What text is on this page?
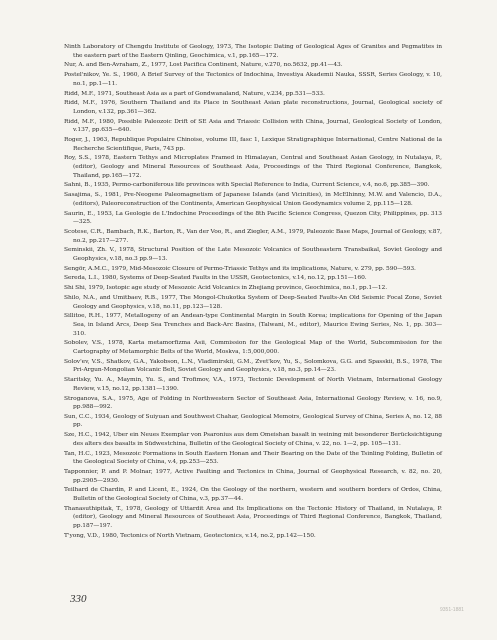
Ninth Laboratory of Chengdu Institute of Geology, 1973, The Isotopic Dating of Geological Ages of Granites and Pegmatites in the eastern part of the Eastern Qinling, Geochimica, v.1, pp.165—172.

Nur, A. and Ben-Avraham, Z., 1977, Lost Pacifica Continent, Nature, v.270, no.5632, pp.41—43.

Postel'nikov, Ye. S., 1960, A Brief Survey of the Tectonics of Indochina, Investiya Akademii Nauka, SSSR, Series Geology, v. 10, no.1, pp.1—11.

Ridd, M.F., 1971, Southeast Asia as a part of Gondwanaland, Nature, v.234, pp.531—533.

Ridd, M.F., 1976, Southern Thailand and its Place in Southeast Asian plate reconstructions, Journal, Geological society of London, v.132, pp.361—362.

Ridd, M.F., 1980, Possible Paleozoic Drift of SE Asia and Triassic Collision with China, Journal, Geological Society of London, v.137, pp.635—640.

Roger, J., 1963, Republique Populaire Chinoise, volume III, fasc 1, Lexique Stratigraphique International, Centre National de la Recherche Scientifique, Paris, 743 pp.

Roy, S.S., 1978, Eastern Tethys and Microplates Framed in Himalayan, Central and Southeast Asian Geology, in Nutalaya, P., (editor), Geology and Mineral Resources of Southeast Asia, Proceedings of the Third Regional Conference, Bangkok, Thailand, pp.165—172.

Sahni, B., 1935, Permo-carboniferous life provinces with Special Reference to India, Current Science, v.4, no.6, pp.385—390.

Sasajima, S., 1981, Pre-Neogene Paleomagnetism of Japanese Islands (and Vicinities), in McElhinny, M.W. and Valencio, D.A., (editors), Paleoreconstruction of the Continents, American Geophysical Union Geodynamics volume 2, pp.115—128.

Saurin, E., 1953, La Geologie de L'Indochine Proceedings of the 8th Pacific Science Congress, Quezon City, Philippines, pp. 313—325.

Scotese, C.R., Bambach, R.K., Barton, R., Van der Voo, R., and Ziegler, A.M., 1979, Paleozoic Base Maps, Journal of Geology, v.87, no.2, pp.217—277.

Seminskii, Zh. V., 1978, Structural Position of the Late Mesozoic Volcanics of Southeastern Transbaikal, Soviet Geology and Geophysics, v.18, no.3 pp.9—13.

Sengör, A.M.C., 1979, Mid-Mesozoic Closure of Permo-Triassic Tethys and its implications, Nature, v. 279, pp. 590—593.

Seredа, L.I., 1980, Systems of Deep-Seated Faults in the USSR, Geotectonics, v.14, no.12, pp.151—160.

Shi Shi, 1979, Isotopic age study of Mesozoic Acid Volcanics in Zhejiang province, Geochimica, no.1, pp.1—12.

Shilo, N.A., and Umitbaev, R.B., 1977, The Mongol-Chukotka System of Deep-Seated Faults-An Old Seismic Focal Zone, Soviet Geology and Geophysics, v.18, no.11, pp.123—128.

Sillitoe, R.H., 1977, Metallogeny of an Andean-type Continental Margin in South Korea; implications for Opening of the Japan Sea, in Island Arcs, Deep Sea Trenches and Back-Arc Basins, (Talwani, M., editor), Maurice Ewing Series, No. 1, pp. 303—310.

Sobolev, V.S., 1978, Karta metamorfizma Asii, Commission for the Geological Map of the World, Subcommission for the Cartography of Metamorphic Belts of the World, Moskva, 1:5,000,000.

Solov'ev, V.S., Shatkov, G.A., Yakobson, L.N., Vladimirskii, G.M., Zvet'kov, Yu, S., Solomkova, G.G. and Spasskii, B.S., 1978, The Pri-Argun-Mongolian Volcanic Belt, Soviet Geology and Geophysics, v.18, no.3, pp.14—23.

Staritsky, Yu. A., Maymin, Yu. S., and Trofimov, V.A., 1973, Tectonic Development of North Vietnam, International Geology Review, v.15, no.12, pp.1381—1390.

Stroganova, S.A., 1975, Age of Folding in Northwestern Sector of Southeast Asia, International Geology Review, v. 16, no.9, pp.988—992.

Sun, C.C., 1934, Geology of Suiyuan and Southwest Chahar, Geological Memoirs, Geological Survey of China, Series A, no. 12, 88 pp.

Sze, H.C., 1942, Uber ein Neues Exemplar von Psaronius aus dem Omeishan basalt in weining mit besonderer Berücksichtigung des alters des basalts in Südwestchina, Bulletin of the Geological Society of China, v. 22, no. 1—2, pp. 105—131.

Tan, H.C., 1923, Mesozoic Formations in South Eastern Honan and Their Bearing on the Date of the Tsinling Folding, Bulletin of the Geological Society of China, v.4, pp.253—253.

Tapponnier, P. and P. Molnar, 1977, Active Faulting and Tectonics in China, Journal of Geophysical Research, v. 82, no. 20, pp.2905—2930.

Teilhard de Chardin, P. and Licent, E., 1924, On the Geology of the northern, western and southern borders of Ordos, China, Bulletin of the Geological Society of China, v.3, pp.37—44.

Thanasuthipitak, T., 1978, Geology of Uttardit Area and Its Implications on the Tectonic History of Thailand, in Nutalaya, P. (editor), Geology and Mineral Resources of Southeast Asia, Proceedings of Third Regional Conference, Bangkok, Thailand, pp.187—197.

T'yong, V.D., 1980, Tectonics of North Vietnam, Geotectonics, v.14, no.2, pp.142—150.

330
9351-1881
